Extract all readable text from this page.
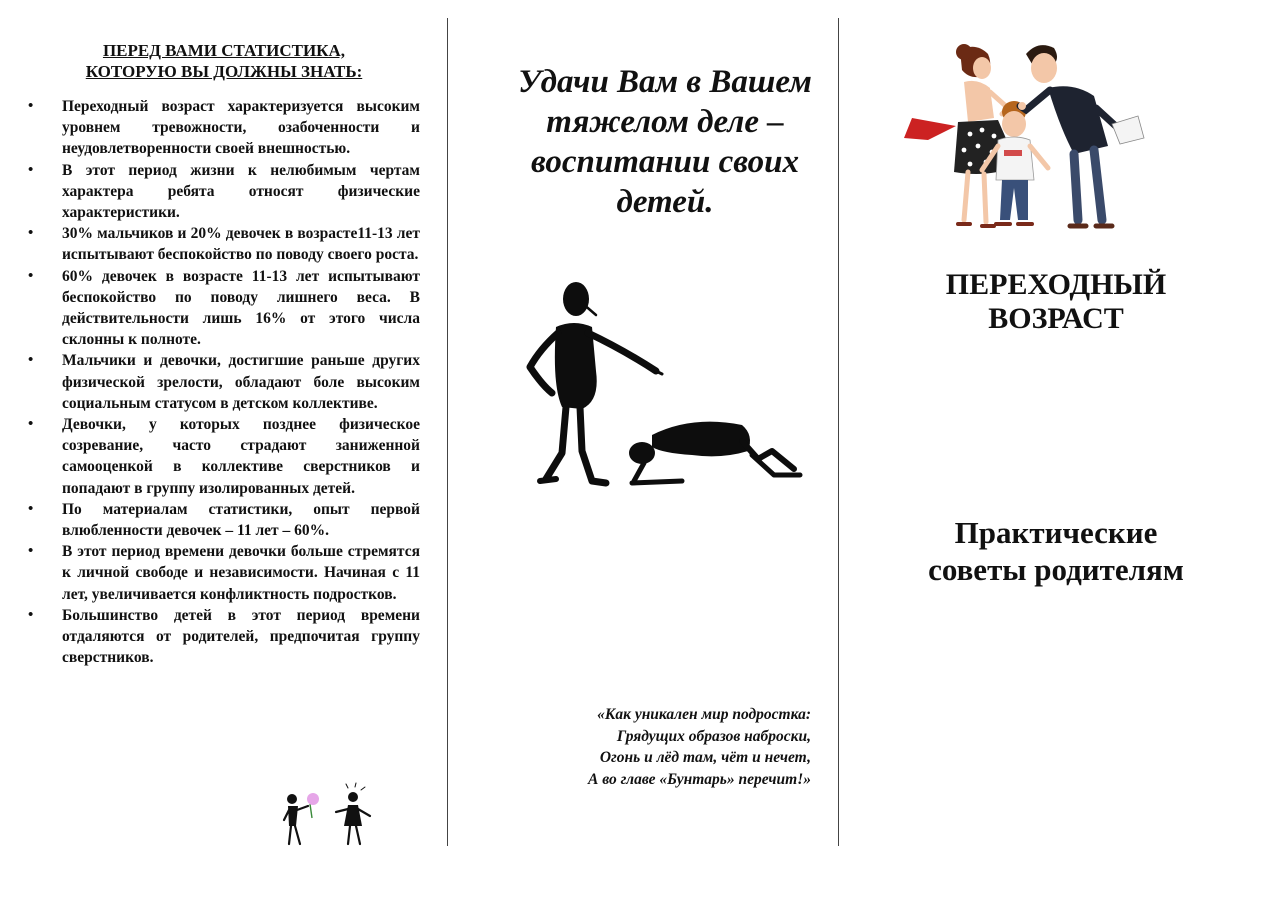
ПЕРЕД ВАМИ СТАТИСТИКА,
КОТОРУЮ ВЫ ДОЛЖНЫ ЗНАТЬ:
• Переходный возраст характеризуется высоким уровнем тревожности, озабоченности и неудовлетворенности своей внешностью.
• В этот период жизни к нелюбимым чертам характера ребята относят физические характеристики.
• 30% мальчиков и 20% девочек в возрасте11-13 лет испытывают беспокойство по поводу своего роста.
• 60% девочек в возрасте 11-13 лет испытывают беспокойство по поводу лишнего веса. В действительности лишь 16% от этого числа склонны к полноте.
• Мальчики и девочки, достигшие раньше других физической зрелости, обладают боле высоким социальным статусом в детском коллективе.
• Девочки, у которых позднее физическое созревание, часто страдают заниженной самооценкой в коллективе сверстников и попадают в группу изолированных детей.
• По материалам статистики, опыт первой влюбленности девочек – 11 лет – 60%.
• В этот период времени девочки больше стремятся к личной свободе и независимости. Начиная с 11 лет, увеличивается конфликтность подростков.
• Большинство детей в этот период времени отдаляются от родителей, предпочитая группу сверстников.
Удачи Вам в Вашем тяжелом деле – воспитании своих детей.
«Как уникален мир подростка:
Грядущих образов наброски,
Огонь и лёд там, чёт и нечет,
А во главе «Бунтарь» перечит!»
ПЕРЕХОДНЫЙ
ВОЗРАСТ
Практические
советы родителям
